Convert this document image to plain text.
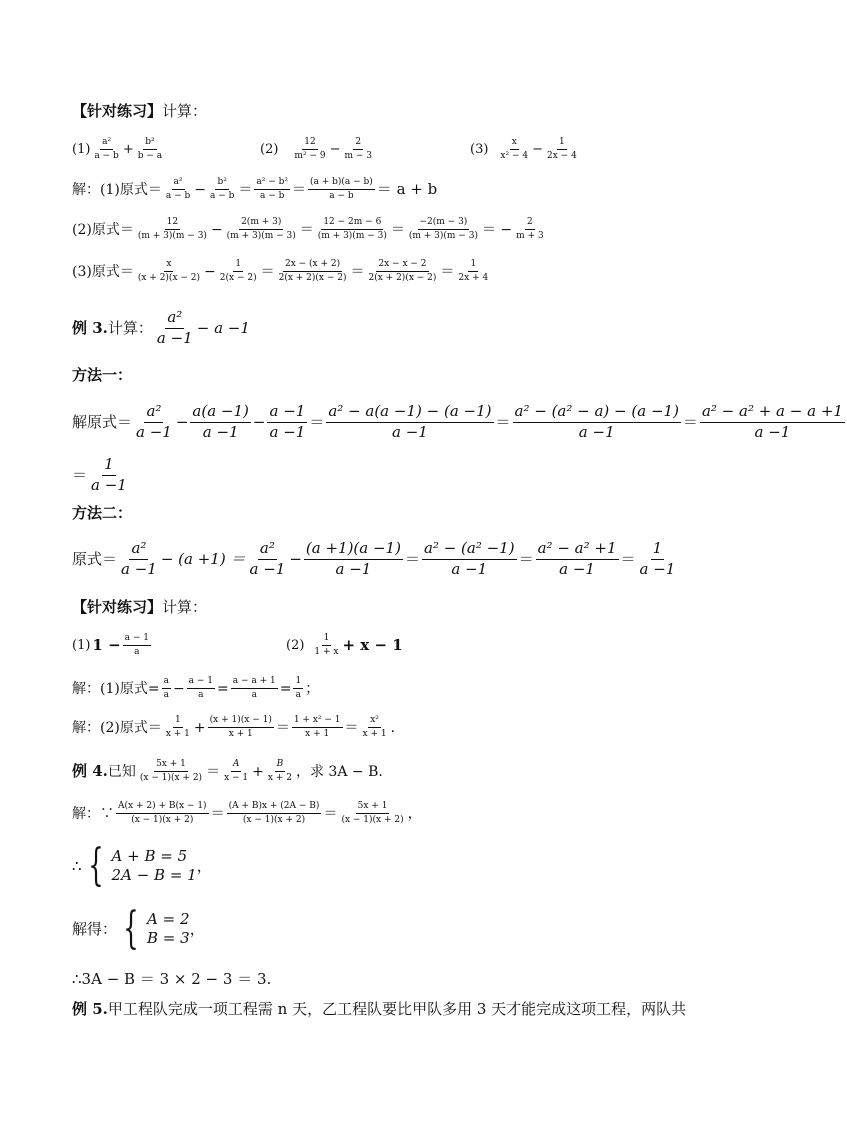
【针对练习】 计算：
(1)
a²
$a - b + \frac{\text{b²}}{b - a}$	(2)
12
$m^2 - 9 - \frac{2}{m - 3}$	(3)
x
$x^2 - 4 - \frac{1}{2x - 4}$
解：(1)原式＝ a²
$a - b - \frac{\text{b²}}{a - b} = a^2 - b^2$
a − b ＝ (a + b)(a − b)
a − b ＝ a + b
(2)原式＝	12
$(m + 3)(m - 3) - \frac{2(m + 3)}{(m + 3)(m - 3)} = 12 - 2m - 6$
(m + 3)(m − 3) ＝ −2(m − 3)
(m + 3)(m − 3) ＝ − $\frac{2}{m + 3}$
(3)原式＝	x
$(x + 2)(x - 2) - \frac{1}{2(x - 2)} = 2x - (x + 2)$
2(x + 2)(x − 2) ＝ 2x − x − 2
2(x + 2)(x − 2) ＝ 1
2x + 4
例 3. 计算：
a²
a −1
− a −1
方法一：
解原式＝
a²
a −1
− $\frac{a(a -1)}{a -1} - \frac{a -1}{a -1}$ ＝
a² − a(a −1) − (a −1)
a −1
＝
a² − (a² − a) − (a −1)
a −1
＝
a² − a² + a − a +1
a −1
＝
1
a −1
方法二：
原式＝
a²
a −1
− (a +1) ＝
a²
a −1
− $\frac{(a +1)(a -1)}{a -1}$ ＝
a² − (a² −1)
a −1
＝
a² − a² +1
a −1
＝
1
a −1
【针对练习】 计算：
(1) $1 - \frac{a - 1}{a}$	(2)
1
1 + x + x − 1
解：(1)原式= $\frac{a}{a} - \frac{a - 1}{a} = \frac{a - a + 1}{a} = \frac{1}{a}$ ；
解：(2)原式＝ 1
$x + 1 + \frac{(x + 1)(x - 1)}{x + 1} = 1 + x^2 - 1$
x + 1 ＝ x²
x + 1 .
例 4. 已知 5x + 1
(x − 1)(x + 2) ＝ A
$x - 1 + \frac{B}{x + 2}$ ，求 3A − B.
解：∵ A(x + 2) + B(x − 1)
(x − 1)(x + 2) ＝ (A + B)x + (2A − B)
(x − 1)(x + 2) ＝ 5x + 1
(x − 1)(x + 2) ，
∴ { A + B = 5
2A − B = 1
，
解得： { A = 2
B = 3
，
∴3A − B ＝ 3 × 2 − 3 ＝ 3.
例 5. 甲工程队完成一项工程需 n 天，乙工程队要比甲队多用 3 天才能完成这项工程，两队共
